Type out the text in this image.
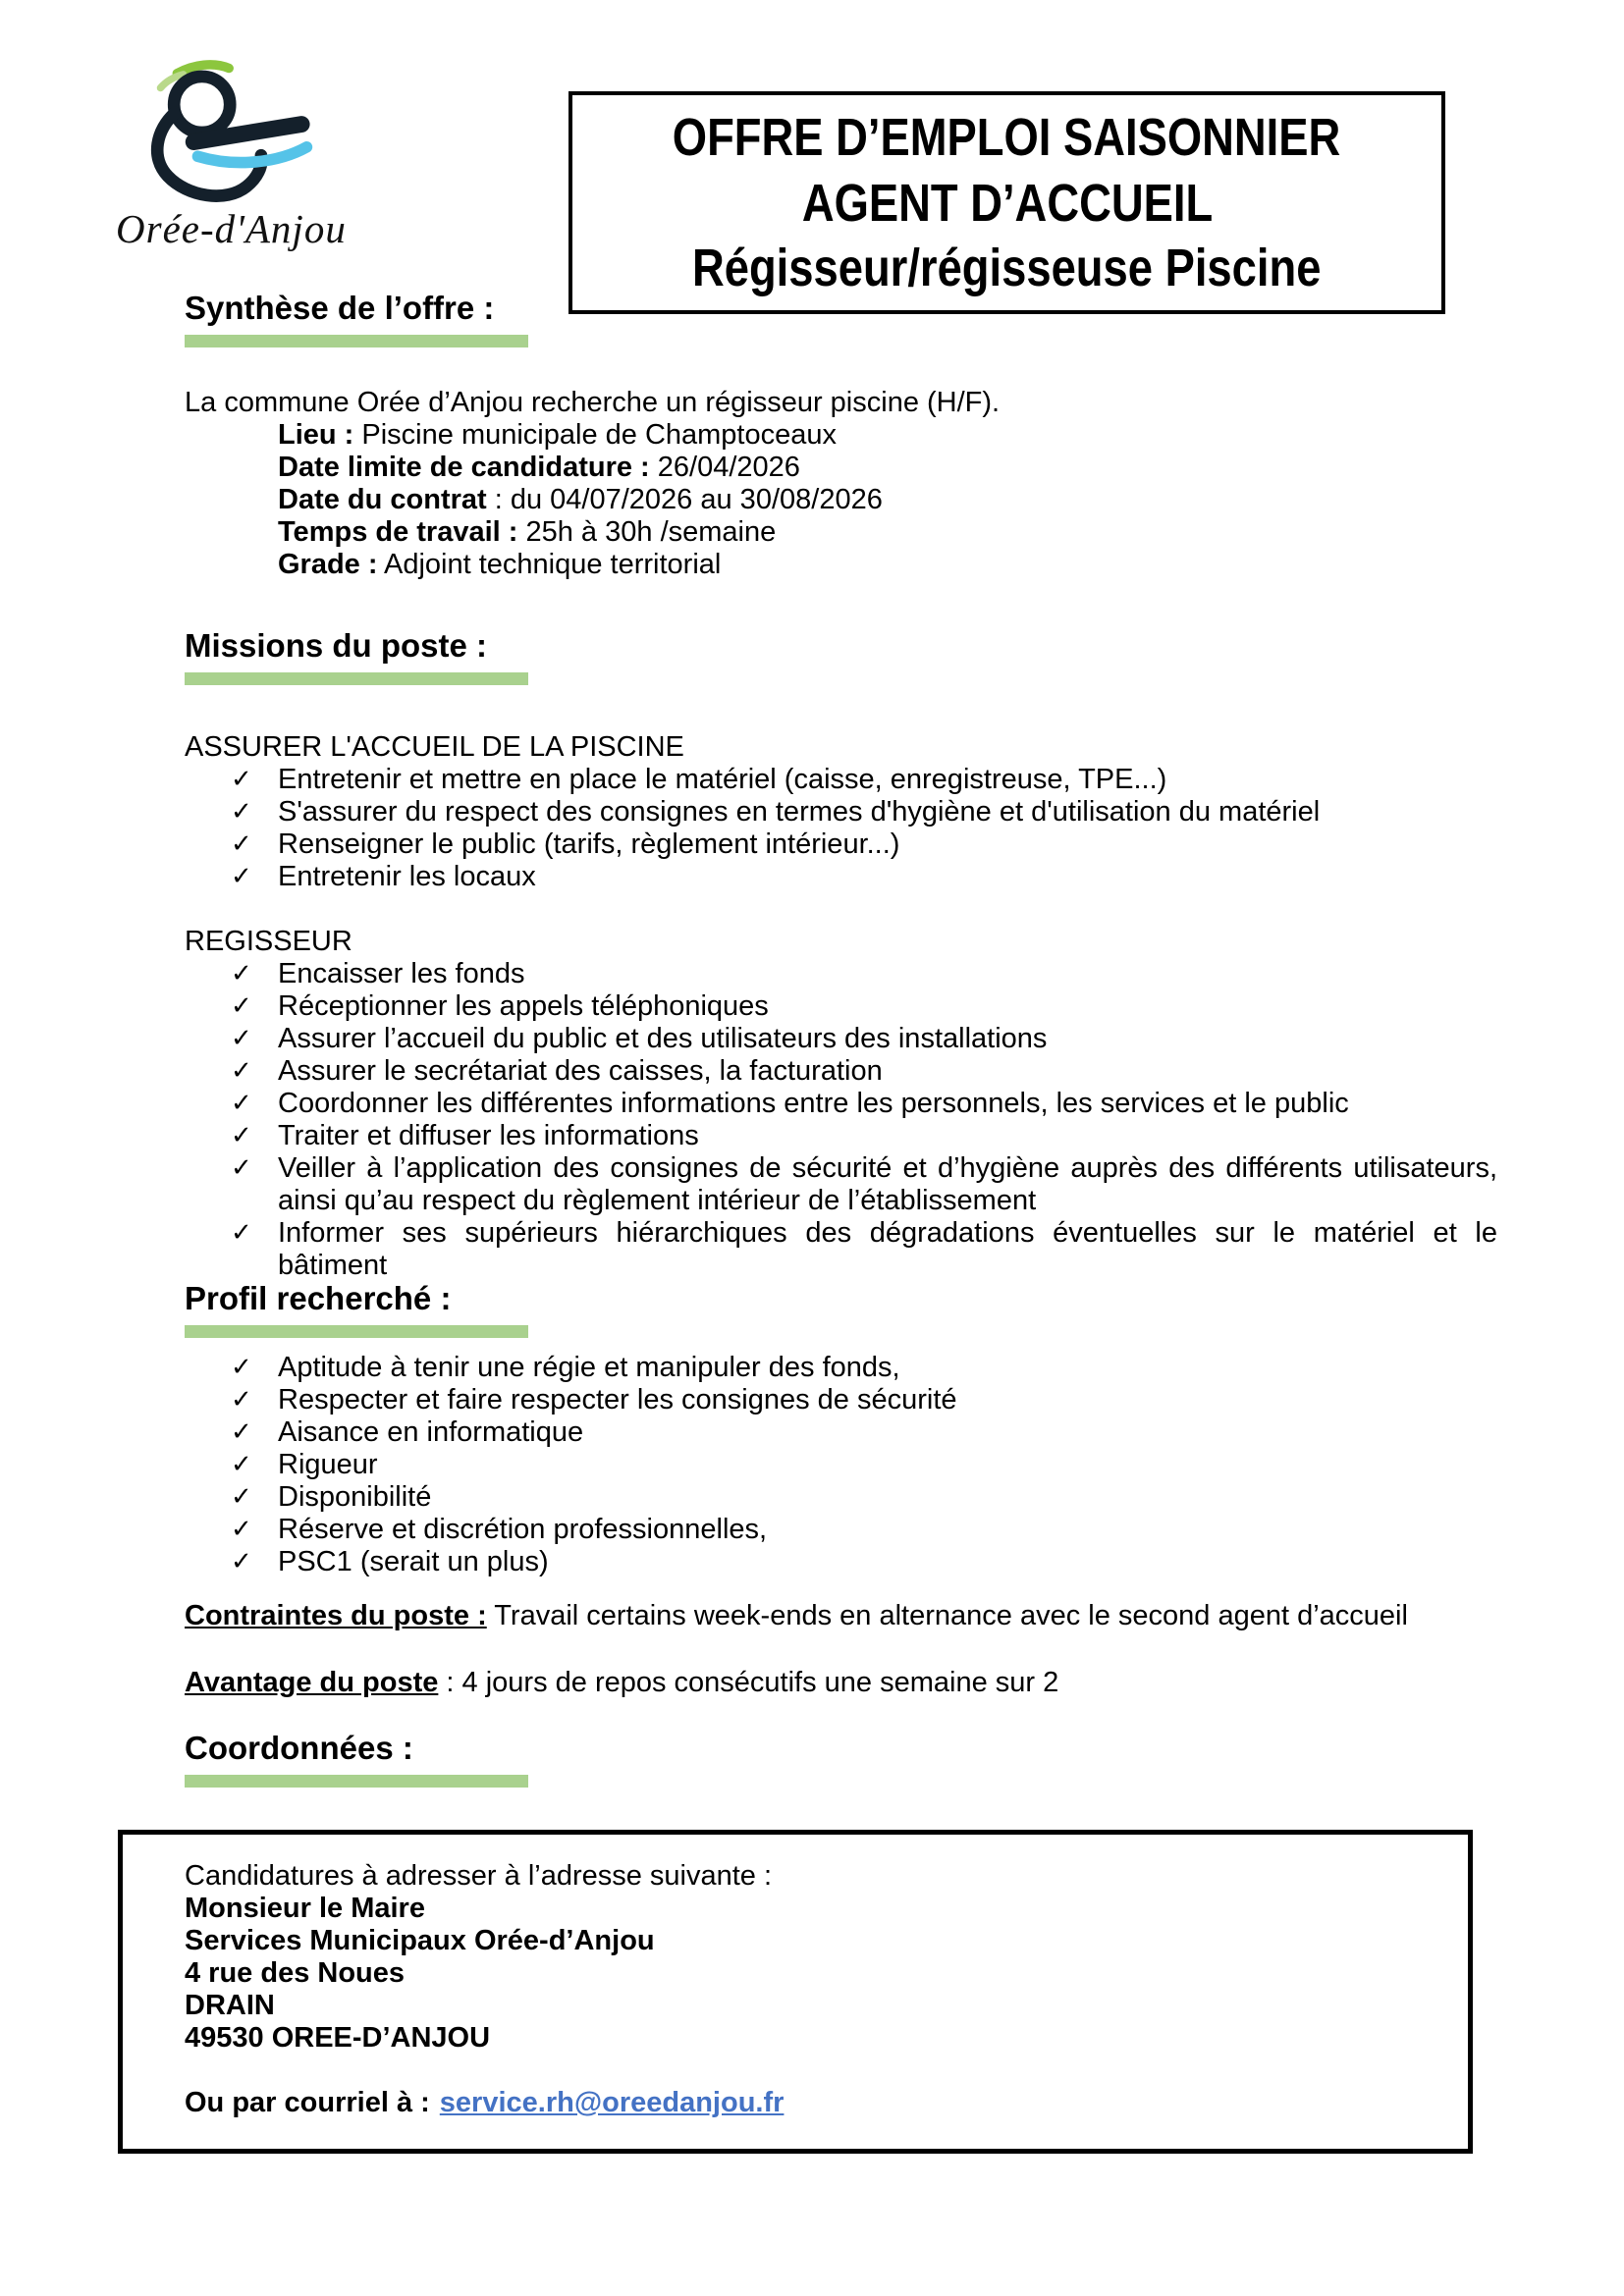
Orée-d'Anjou
OFFRE D’EMPLOI SAISONNIER
AGENT D’ACCUEIL
Régisseur/régisseuse Piscine
Synthèse de l’offre :
La commune Orée d’Anjou recherche un régisseur piscine (H/F).
Lieu : Piscine municipale de Champtoceaux
Date limite de candidature : 26/04/2026
Date du contrat : du 04/07/2026 au 30/08/2026
Temps de travail : 25h à 30h /semaine
Grade : Adjoint technique territorial
Missions du poste :
ASSURER L'ACCUEIL DE LA PISCINE
✓ Entretenir et mettre en place le matériel (caisse, enregistreuse, TPE...)
✓ S'assurer du respect des consignes en termes d'hygiène et d'utilisation du matériel
✓ Renseigner le public (tarifs, règlement intérieur...)
✓ Entretenir les locaux
REGISSEUR
✓ Encaisser les fonds
✓ Réceptionner les appels téléphoniques
✓ Assurer l’accueil du public et des utilisateurs des installations
✓ Assurer le secrétariat des caisses, la facturation
✓ Coordonner les différentes informations entre les personnels, les services et le public
✓ Traiter et diffuser les informations
✓ Veiller à l’application des consignes de sécurité et d’hygiène auprès des différents utilisateurs, ainsi qu’au respect du règlement intérieur de l’établissement
✓ Informer ses supérieurs hiérarchiques des dégradations éventuelles sur le matériel et le bâtiment
Profil recherché :
✓ Aptitude à tenir une régie et manipuler des fonds,
✓ Respecter et faire respecter les consignes de sécurité
✓ Aisance en informatique
✓ Rigueur
✓ Disponibilité
✓ Réserve et discrétion professionnelles,
✓ PSC1 (serait un plus)
Contraintes du poste : Travail certains week-ends en alternance avec le second agent d’accueil
Avantage du poste : 4 jours de repos consécutifs une semaine sur 2
Coordonnées :
Candidatures à adresser à l’adresse suivante :
Monsieur le Maire
Services Municipaux Orée-d’Anjou
4 rue des Noues
DRAIN
49530 OREE-D’ANJOU
Ou par courriel à : service.rh@oreedanjou.fr
